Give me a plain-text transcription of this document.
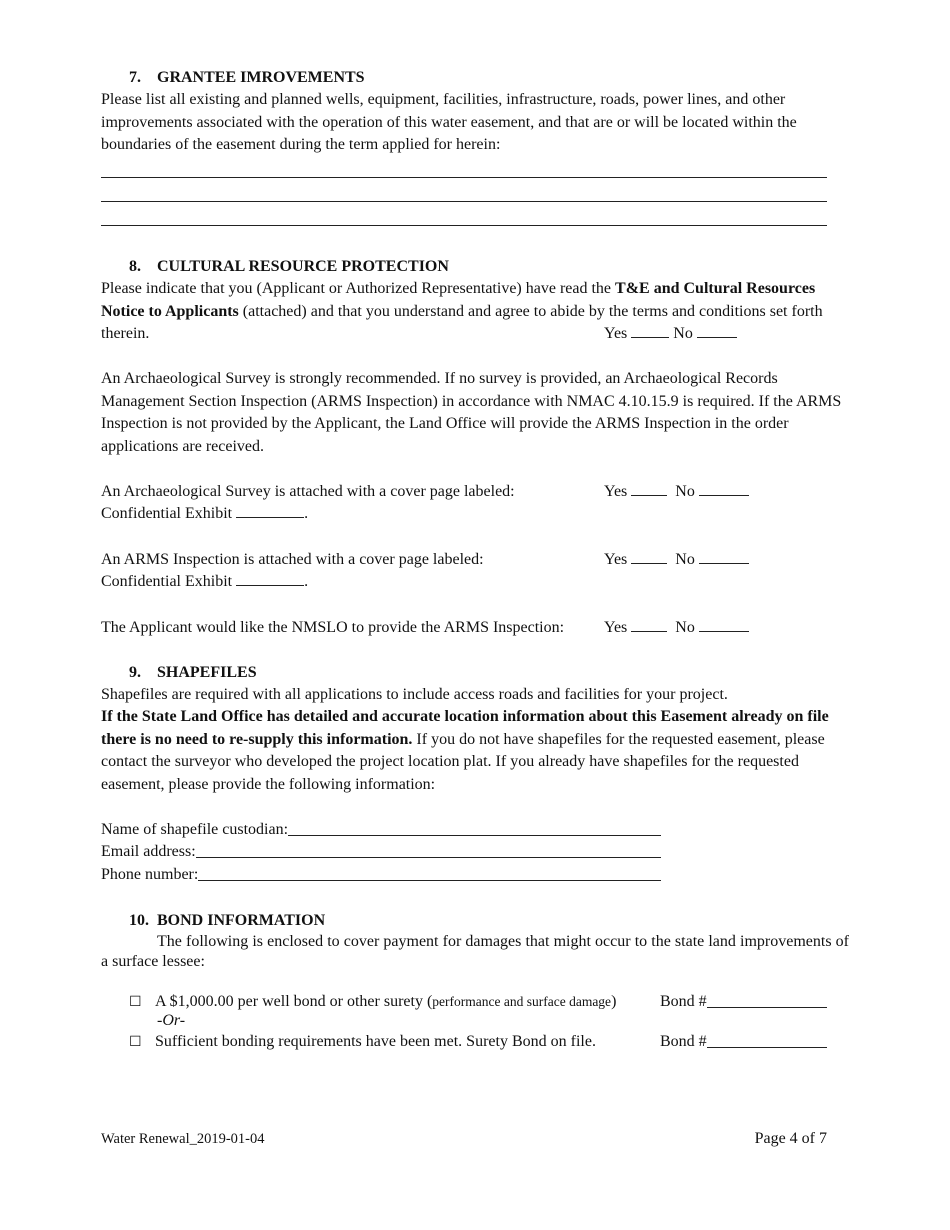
7. GRANTEE IMROVEMENTS

Please list all existing and planned wells, equipment, facilities, infrastructure, roads, power lines, and other improvements associated with the operation of this water easement, and that are or will be located within the boundaries of the easement during the term applied for herein:

8. CULTURAL RESOURCE PROTECTION

Please indicate that you (Applicant or Authorized Representative) have read the T&E and Cultural Resources Notice to Applicants (attached) and that you understand and agree to abide by the terms and conditions set forth therein.	Yes	No

An Archaeological Survey is strongly recommended. If no survey is provided, an Archaeological Records Management Section Inspection (ARMS Inspection) in accordance with NMAC 4.10.15.9 is required. If the ARMS Inspection is not provided by the Applicant, the Land Office will provide the ARMS Inspection in the order applications are received.

An Archaeological Survey is attached with a cover page labeled:	Yes	No
Confidential Exhibit	.
An ARMS Inspection is attached with a cover page labeled:	Yes	No
Confidential Exhibit	.
The Applicant would like the NMSLO to provide the ARMS Inspection: Yes	No
9. SHAPEFILES

Shapefiles are required with all applications to include access roads and facilities for your project.

If the State Land Office has detailed and accurate location information about this Easement already on file there is no need to re-supply this information. If you do not have shapefiles for the requested easement, please contact the surveyor who developed the project location plat. If you already have shapefiles for the requested easement, please provide the following information:

Name of shapefile custodian:
Email address:
Phone number:
10. BOND INFORMATION

The following is enclosed to cover payment for damages that might occur to the state land improvements of a surface lessee:

☐ A $1,000.00 per well bond or other surety (performance and surface damage)	Bond #
-Or-
☐ Sufficient bonding requirements have been met. Surety Bond on file.	Bond #
Water Renewal_2019-01-04	Page 4 of 7
